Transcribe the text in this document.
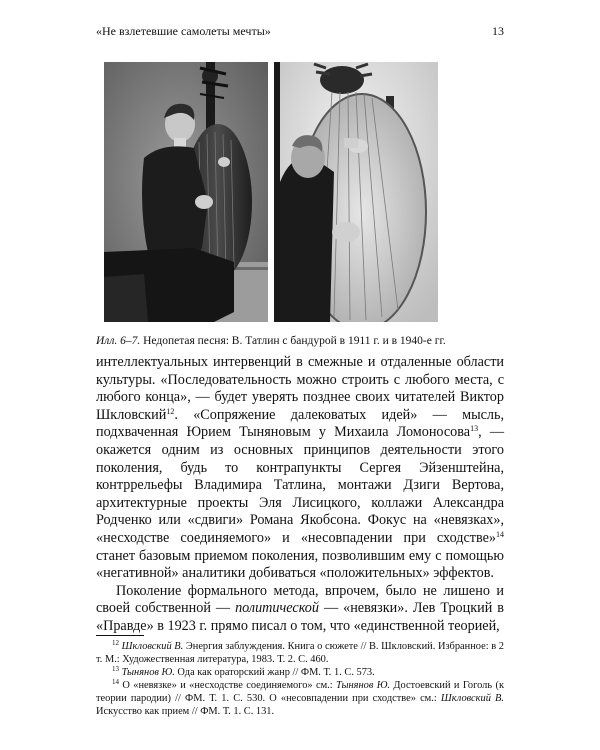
«Не взлетевшие самолеты мечты»	13
Илл. 6–7. Недопетая песня: В. Татлин с бандурой в 1911 г. и в 1940-е гг.

интеллектуальных интервенций в смежные и отдаленные области культуры. «Последовательность можно строить с любого места, с любого конца», — будет уверять позднее своих читателей Виктор Шкловский$^{12}$. «Сопряжение далековатых идей» — мысль, подхваченная Юрием Тыняновым у Михаила Ломоносова$^{13}$, — окажется одним из основных принципов деятельности этого поколения, будь то контрапункты Сергея Эйзенштейна, контррельефы Владимира Татлина, монтажи Дзиги Вертова, архитектурные проекты Эля Лисицкого, коллажи Александра Родченко или «сдвиги» Романа Якобсона. Фокус на «невязках», «несходстве соединяемого» и «несовпадении при сходстве»$^{14}$ станет базовым приемом поколения, позволившим ему с помощью «негативной» аналитики добиваться «положительных» эффектов.

Поколение формального метода, впрочем, было не лишено и своей собственной — политической — «невязки». Лев Троцкий в «Правде» в 1923 г. прямо писал о том, что «единственной теорией,

$^{12}$ Шкловский В. Энергия заблуждения. Книга о сюжете // В. Шкловский. Избранное: в 2 т. М.: Художественная литература, 1983. Т. 2. С. 460.

$^{13}$ Тынянов Ю. Ода как ораторский жанр // ФМ. Т. 1. С. 573.

$^{14}$ О «невязке» и «несходстве соединяемого» см.: Тынянов Ю. Достоевский и Гоголь (к теории пародии) // ФМ. Т. 1. С. 530. О «несовпадении при сходстве» см.: Шкловский В. Искусство как прием // ФМ. Т. 1. С. 131.
